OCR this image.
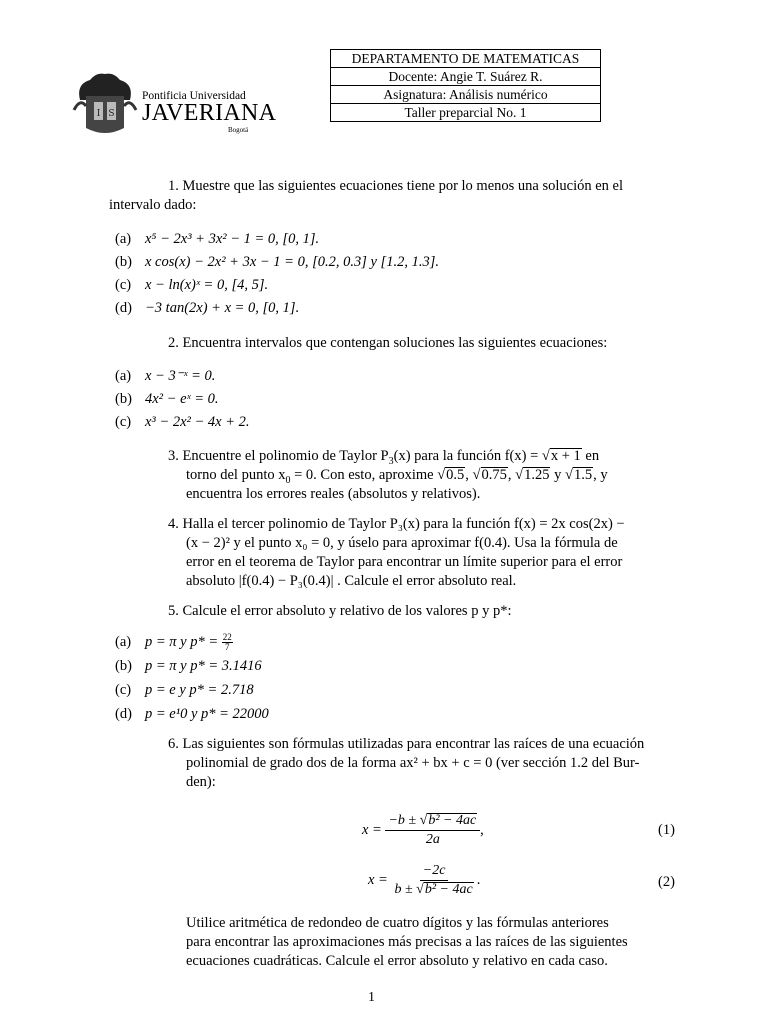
I S
Pontificia Universidad
JAVERIANA
Bogotá
DEPARTAMENTO DE MATEMATICAS
Docente: Angie T. Suárez R.
Asignatura: Análisis numérico
Taller preparcial No. 1
1. Muestre que las siguientes ecuaciones tiene por lo menos una solución en el
intervalo dado:
(a) x⁵ − 2x³ + 3x² − 1 = 0, [0, 1].
(b) x cos(x) − 2x² + 3x − 1 = 0, [0.2, 0.3] y [1.2, 1.3].
(c) x − ln(x)ˣ = 0, [4, 5].
(d) −3 tan(2x) + x = 0, [0, 1].
2. Encuentra intervalos que contengan soluciones las siguientes ecuaciones:
(a) x − 3⁻ˣ = 0.
(b) 4x² − eˣ = 0.
(c) x³ − 2x² − 4x + 2.
3. Encuentre el polinomio de Taylor $P_3(x)$ para la función f(x) = √x + 1 en
torno del punto $x_0 = 0$. Con esto, aproxime √0.5, √0.75, √1.25 y √1.5, y
encuentra los errores reales (absolutos y relativos).
4. Halla el tercer polinomio de Taylor P₃(x) para la función f(x) = 2x cos(2x) −
(x − 2)² y el punto x₀ = 0, y úselo para aproximar f(0.4). Usa la fórmula de
error en el teorema de Taylor para encontrar un límite superior para el error
absoluto |f(0.4) − P₃(0.4)| . Calcule el error absoluto real.
5. Calcule el error absoluto y relativo de los valores p y p*:
(a) p = π y $p* = \frac{22}{7}$
(b) p = π y p* = 3.1416
(c) p = e y p* = 2.718
(d) p = e¹0 y p* = 22000
6. Las siguientes son fórmulas utilizadas para encontrar las raíces de una ecuación
polinomial de grado dos de la forma ax² + bx + c = 0 (ver sección 1.2 del Bur-
den):
$x = \frac{\text{−b ± √b² − 4ac}}{2a}$ ,	(1)
$x = \frac{-2c}{\text{b ± √b² − 4ac}}$ .	(2)
Utilice aritmética de redondeo de cuatro dígitos y las fórmulas anteriores
para encontrar las aproximaciones más precisas a las raíces de las siguientes
ecuaciones cuadráticas. Calcule el error absoluto y relativo en cada caso.
1
